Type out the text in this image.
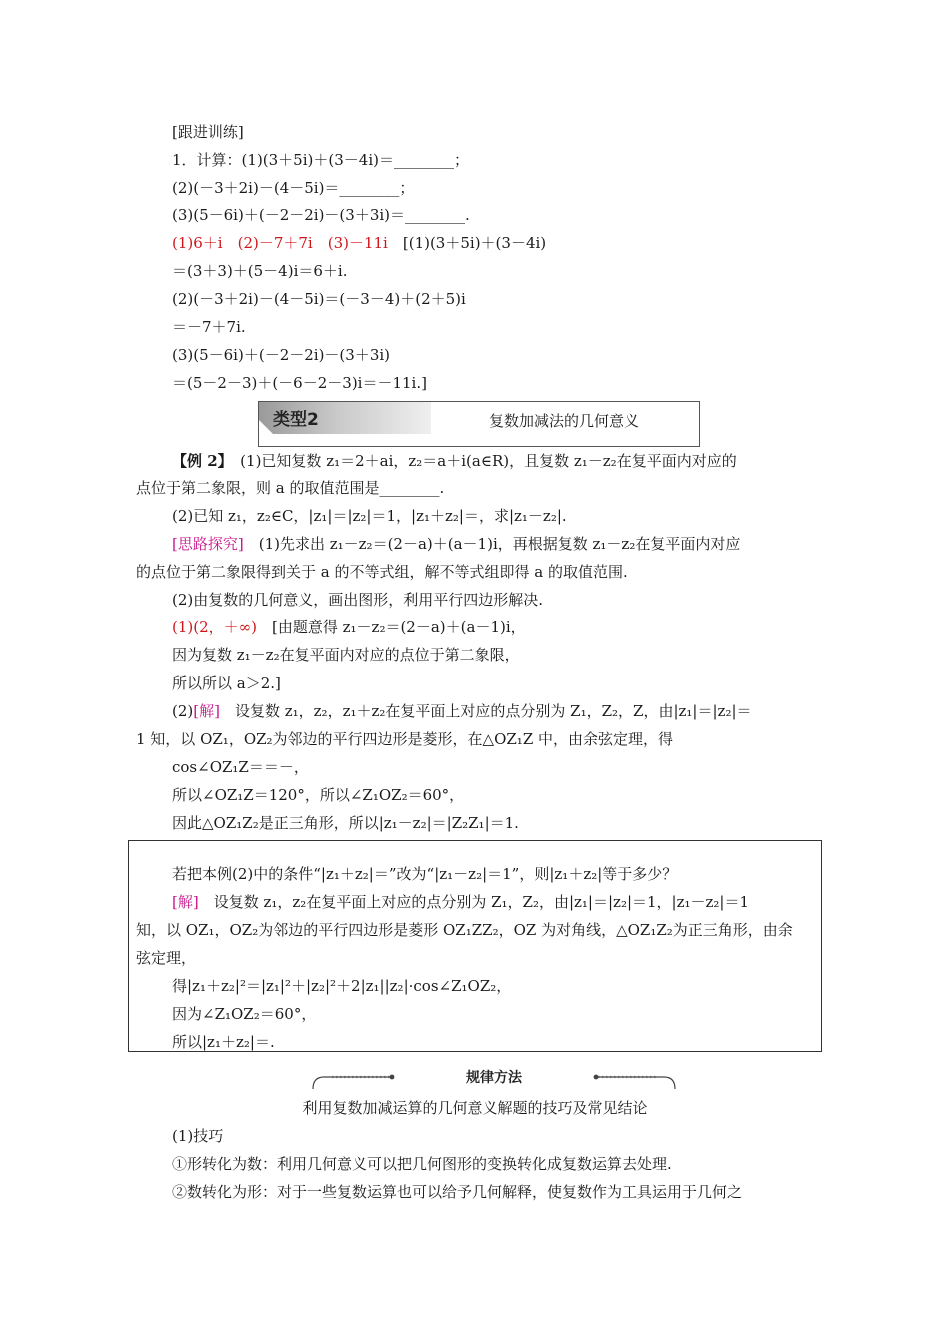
[跟进训练]
1．计算：(1)(3＋5i)＋(3－4i)＝________；
(2)(－3＋2i)－(4－5i)＝________；
(3)(5－6i)＋(－2－2i)－(3＋3i)＝________.
(1)6＋i　(2)－7＋7i　(3)－11i　[(1)(3＋5i)＋(3－4i)
＝(3＋3)＋(5－4)i＝6＋i.
(2)(－3＋2i)－(4－5i)＝(－3－4)＋(2＋5)i
＝－7＋7i.
(3)(5－6i)＋(－2－2i)－(3＋3i)
＝(5－2－3)＋(－6－2－3)i＝－11i.]
类型2	复数加减法的几何意义
【例 2】　(1)已知复数 z₁＝2＋ai，z₂＝a＋i(a∈R)，且复数 z₁－z₂在复平面内对应的
点位于第二象限，则 a 的取值范围是________.
(2)已知 z₁，z₂∈C，|z₁|＝|z₂|＝1，|z₁＋z₂|＝，求|z₁－z₂|.
[思路探究]　(1)先求出 z₁－z₂＝(2－a)＋(a－1)i，再根据复数 z₁－z₂在复平面内对应
的点位于第二象限得到关于 a 的不等式组，解不等式组即得 a 的取值范围.
(2)由复数的几何意义，画出图形，利用平行四边形解决.
(1)(2，＋∞)　[由题意得 z₁－z₂＝(2－a)＋(a－1)i，
因为复数 z₁－z₂在复平面内对应的点位于第二象限，
所以所以 a＞2.]
(2)[解]　设复数 z₁，z₂，z₁＋z₂在复平面上对应的点分别为 Z₁，Z₂，Z，由|z₁|＝|z₂|＝
1 知，以 OZ₁，OZ₂为邻边的平行四边形是菱形，在△OZ₁Z 中，由余弦定理，得
cos∠OZ₁Z＝＝－，
所以∠OZ₁Z＝120°，所以∠Z₁OZ₂＝60°，
因此△OZ₁Z₂是正三角形，所以|z₁－z₂|＝|Z₂Z₁|＝1.
若把本例(2)中的条件“|z₁＋z₂|＝”改为“|z₁－z₂|＝1”，则|z₁＋z₂|等于多少？
[解]　设复数 z₁，z₂在复平面上对应的点分别为 Z₁，Z₂，由|z₁|＝|z₂|＝1，|z₁－z₂|＝1
知，以 OZ₁，OZ₂为邻边的平行四边形是菱形 OZ₁ZZ₂，OZ 为对角线，△OZ₁Z₂为正三角形，由余
弦定理，
得|z₁＋z₂|²＝|z₁|²＋|z₂|²＋2|z₁||z₂|·cos∠Z₁OZ₂，
因为∠Z₁OZ₂＝60°，
所以|z₁＋z₂|＝.
规律方法
利用复数加减运算的几何意义解题的技巧及常见结论
(1)技巧
①形转化为数：利用几何意义可以把几何图形的变换转化成复数运算去处理.
②数转化为形：对于一些复数运算也可以给予几何解释，使复数作为工具运用于几何之
